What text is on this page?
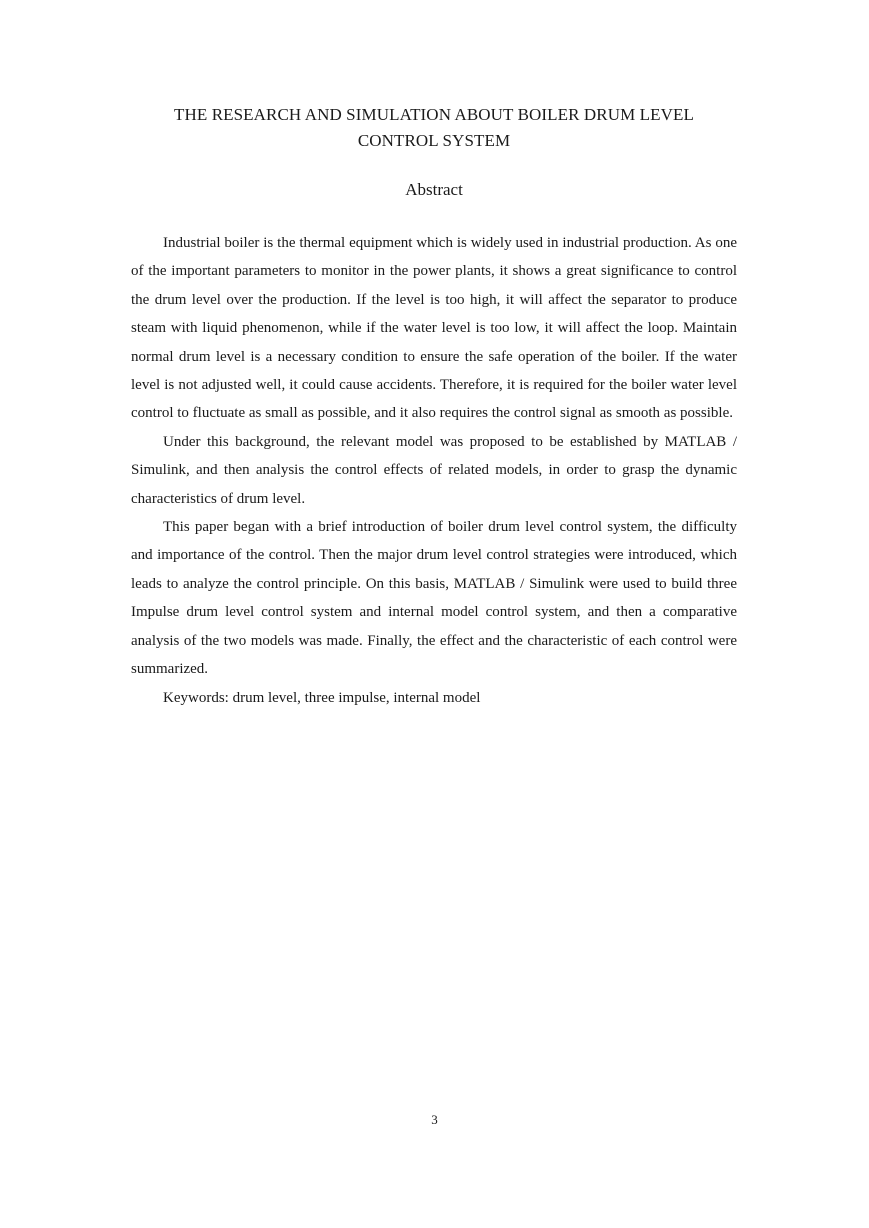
THE RESEARCH AND SIMULATION ABOUT BOILER DRUM LEVEL
CONTROL SYSTEM
Abstract

Industrial boiler is the thermal equipment which is widely used in industrial production. As one of the important parameters to monitor in the power plants, it shows a great significance to control the drum level over the production. If the level is too high, it will affect the separator to produce steam with liquid phenomenon, while if the water level is too low, it will affect the loop. Maintain normal drum level is a necessary condition to ensure the safe operation of the boiler. If the water level is not adjusted well, it could cause accidents. Therefore, it is required for the boiler water level control to fluctuate as small as possible, and it also requires the control signal as smooth as possible.

Under this background, the relevant model was proposed to be established by MATLAB / Simulink, and then analysis the control effects of related models, in order to grasp the dynamic characteristics of drum level.

This paper began with a brief introduction of boiler drum level control system, the difficulty and importance of the control. Then the major drum level control strategies were introduced, which leads to analyze the control principle. On this basis, MATLAB / Simulink were used to build three Impulse drum level control system and internal model control system, and then a comparative analysis of the two models was made. Finally, the effect and the characteristic of each control were summarized.

Keywords: drum level, three impulse, internal model

3
